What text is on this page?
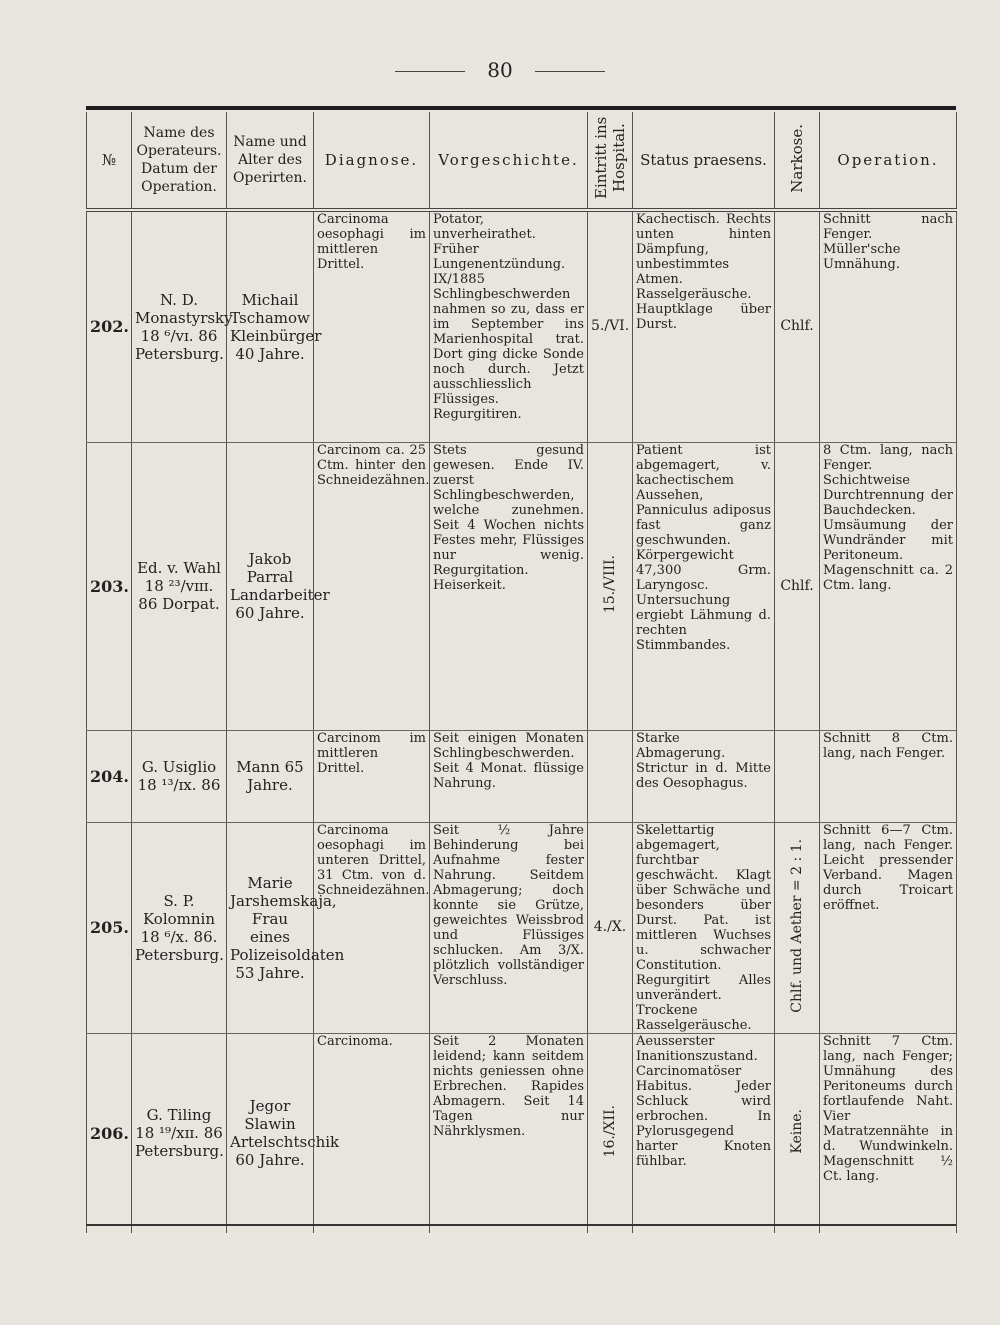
80
№	Name des Operateurs. Datum der Operation.	Name und Alter des Operirten.	Diagnose.	Vorgeschichte.	Eintritt ins Hospital.	Status praesens.	Narkose.	Operation.
202.	N. D. Monastyrsky 18 ⁶/vɪ. 86 Petersburg.	Michail Tschamow Kleinbürger 40 Jahre.	Carcinoma oesophagi im mittleren Drittel.	Potator, unverheirathet. Früher Lungenentzündung. IX/1885 Schlingbeschwerden nahmen so zu, dass er im September ins Marienhospital trat. Dort ging dicke Sonde noch durch. Jetzt ausschliesslich Flüssiges. Regurgitiren.	5./VI.	Kachectisch. Rechts unten hinten Dämpfung, unbestimmtes Atmen. Rasselgeräusche. Hauptklage über Durst.	Chlf.	Schnitt nach Fenger. Müller'sche Umnähung.
203.	Ed. v. Wahl 18 ²³/vɪɪɪ. 86 Dorpat.	Jakob Parral Landarbeiter 60 Jahre.	Carcinom ca. 25 Ctm. hinter den Schneidezähnen.	Stets gesund gewesen. Ende IV. zuerst Schlingbeschwerden, welche zunehmen. Seit 4 Wochen nichts Festes mehr, Flüssiges nur wenig. Regurgitation. Heiserkeit.	15./VIII.	Patient ist abgemagert, v. kachectischem Aussehen, Panniculus adiposus fast ganz geschwunden. Körpergewicht 47,300 Grm. Laryngosc. Untersuchung ergiebt Lähmung d. rechten Stimmbandes.	Chlf.	8 Ctm. lang, nach Fenger. Schichtweise Durchtrennung der Bauchdecken. Umsäumung der Wundränder mit Peritoneum. Magenschnitt ca. 2 Ctm. lang.
204.	G. Usiglio 18 ¹³/ɪx. 86	Mann 65 Jahre.	Carcinom im mittleren Drittel.	Seit einigen Monaten Schlingbeschwerden. Seit 4 Monat. flüssige Nahrung.		Starke Abmagerung. Strictur in d. Mitte des Oesophagus.		Schnitt 8 Ctm. lang, nach Fenger.
205.	S. P. Kolomnin 18 ⁶/x. 86. Petersburg.	Marie Jarshemskaja, Frau eines Polizeisoldaten 53 Jahre.	Carcinoma oesophagi im unteren Drittel, 31 Ctm. von d. Schneidezähnen.	Seit ½ Jahre Behinderung bei Aufnahme fester Nahrung. Seitdem Abmagerung; doch konnte sie Grütze, geweichtes Weissbrod und Flüssiges schlucken. Am 3/X. plötzlich vollständiger Verschluss.	4./X.	Skelettartig abgemagert, furchtbar geschwächt. Klagt über Schwäche und besonders über Durst. Pat. ist mittleren Wuchses u. schwacher Constitution. Regurgitirt Alles unverändert. Trockene Rasselgeräusche.	Chlf. und Aether = 2 : 1.	Schnitt 6—7 Ctm. lang, nach Fenger. Leicht pressender Verband. Magen durch Troicart eröffnet.
206.	G. Tiling 18 ¹⁹/xɪɪ. 86 Petersburg.	Jegor Slawin Artelschtschik 60 Jahre.	Carcinoma.	Seit 2 Monaten leidend; kann seitdem nichts geniessen ohne Erbrechen. Rapides Abmagern. Seit 14 Tagen nur Nährklysmen.	16./XII.	Aeusserster Inanitionszustand. Carcinomatöser Habitus. Jeder Schluck wird erbrochen. In Pylorusgegend harter Knoten fühlbar.	Keine.	Schnitt 7 Ctm. lang, nach Fenger; Umnähung des Peritoneums durch fortlaufende Naht. Vier Matratzennähte in d. Wundwinkeln. Magenschnitt ½ Ct. lang.
